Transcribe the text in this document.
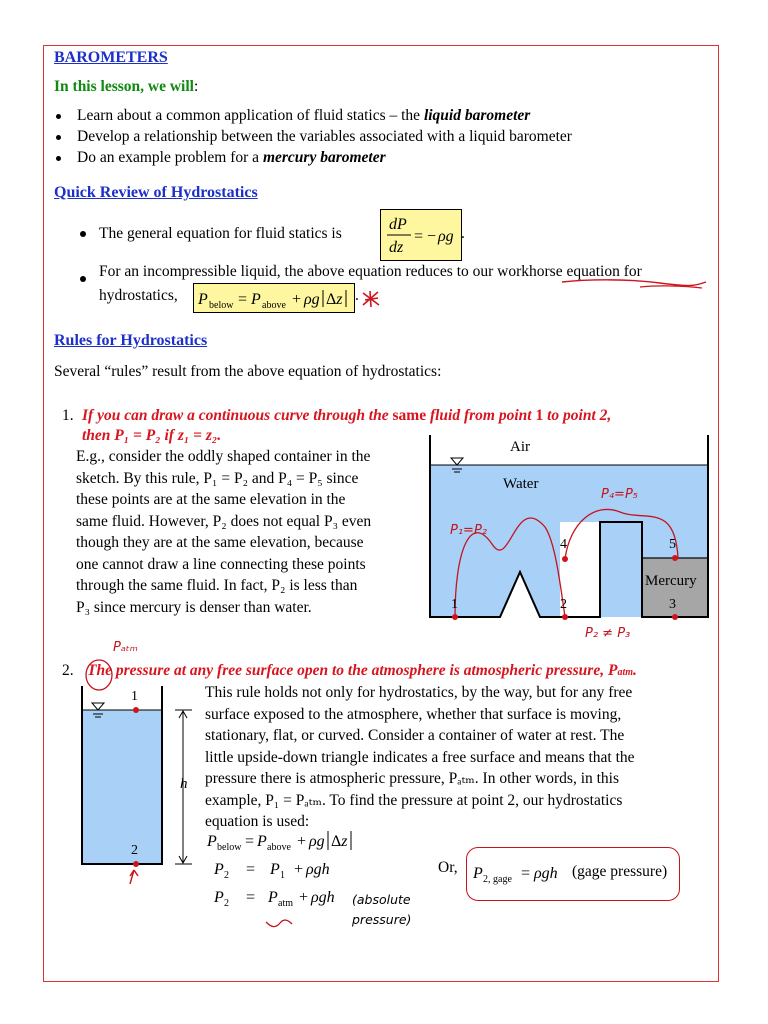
BAROMETERS
In this lesson, we will:
Learn about a common application of fluid statics – the liquid barometer
Develop a relationship between the variables associated with a liquid barometer
Do an example problem for a mercury barometer
Quick Review of Hydrostatics
The general equation for fluid statics is
dP
dz
= − ρg .
For an incompressible liquid, the above equation reduces to our workhorse equation for
hydrostatics, P below = P above + ρg Δz .
Rules for Hydrostatics
Several “rules” result from the above equation of hydrostatics:
1. If you can draw a continuous curve through the same fluid from point 1 to point 2,
then P₁ = P₂ if z₁ = z₂.
E.g., consider the oddly shaped container in the
sketch. By this rule, P₁ = P₂ and P₄ = P₅ since
these points are at the same elevation in the
same fluid. However, P₂ does not equal P₃ even
though they are at the same elevation, because
one cannot draw a line connecting these points
through the same fluid. In fact, P₂ is less than
P₃ since mercury is denser than water.
Air
Water
Mercury
1	2	3
4	5
P₁=P₂
P₄=P₅
P₂ ≠ P₃
2. The pressure at any free surface open to the atmosphere is atmospheric pressure, Patm.
Pₐₜₘ
This rule holds not only for hydrostatics, by the way, but for any free
surface exposed to the atmosphere, whether that surface is moving,
stationary, flat, or curved. Consider a container of water at rest. The
little upside-down triangle indicates a free surface and means that the
pressure there is atmospheric pressure, Pₐₜₘ. In other words, in this
example, P₁ = Pₐₜₘ. To find the pressure at point 2, our hydrostatics
equation is used:
1
2
h
P below = P above + ρg Δz
P 2 = P 1 + ρgh
P 2 = P atm + ρgh (absolute pressure)
Or, P 2, gage = ρgh (gage pressure)
